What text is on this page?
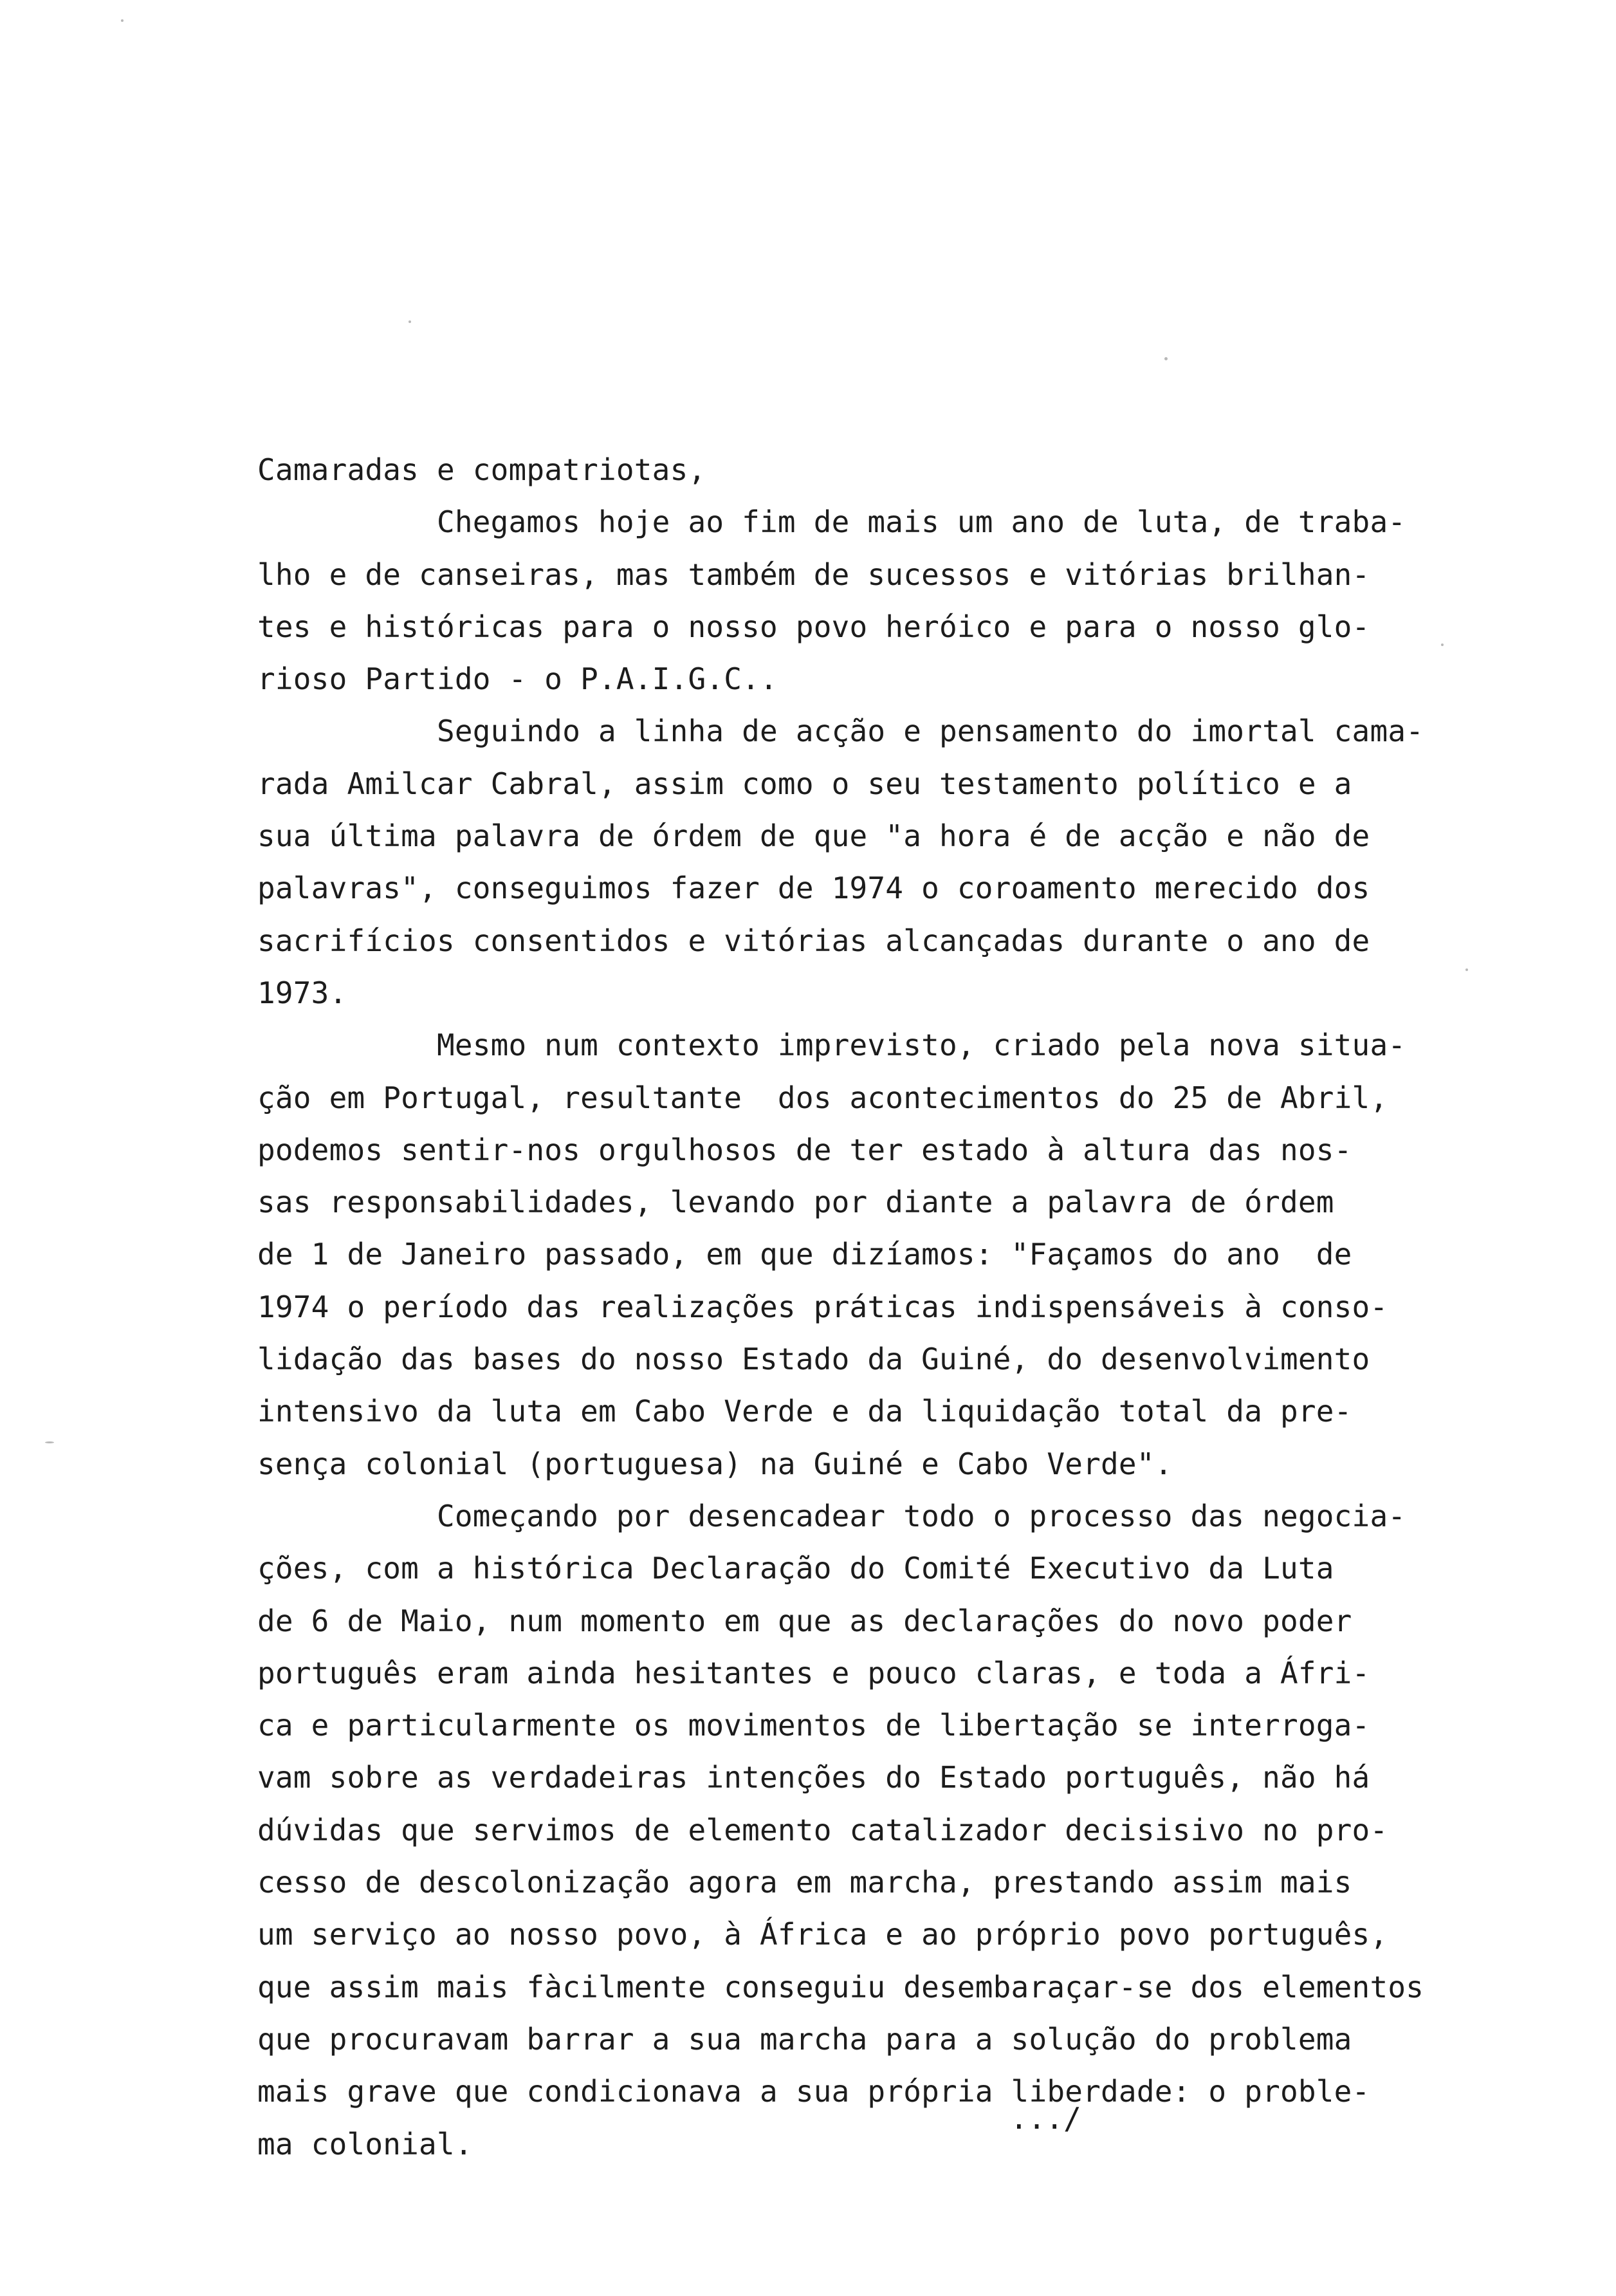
Camaradas e compatriotas,
Chegamos hoje ao fim de mais um ano de luta, de traba-
lho e de canseiras, mas também de sucessos e vitórias brilhan-
tes e históricas para o nosso povo heróico e para o nosso glo-
rioso Partido - o P.A.I.G.C..
Seguindo a linha de acção e pensamento do imortal cama-
rada Amilcar Cabral, assim como o seu testamento político e a
sua última palavra de órdem de que "a hora é de acção e não de
palavras", conseguimos fazer de 1974 o coroamento merecido dos
sacrifícios consentidos e vitórias alcançadas durante o ano de
1973.
Mesmo num contexto imprevisto, criado pela nova situa-
ção em Portugal, resultante  dos acontecimentos do 25 de Abril,
podemos sentir-nos orgulhosos de ter estado à altura das nos-
sas responsabilidades, levando por diante a palavra de órdem
de 1 de Janeiro passado, em que dizíamos: "Façamos do ano  de
1974 o período das realizações práticas indispensáveis à conso-
lidação das bases do nosso Estado da Guiné, do desenvolvimento
intensivo da luta em Cabo Verde e da liquidação total da pre-
sença colonial (portuguesa) na Guiné e Cabo Verde".
Começando por desencadear todo o processo das negocia-
ções, com a histórica Declaração do Comité Executivo da Luta
de 6 de Maio, num momento em que as declarações do novo poder
português eram ainda hesitantes e pouco claras, e toda a Áfri-
ca e particularmente os movimentos de libertação se interroga-
vam sobre as verdadeiras intenções do Estado português, não há
dúvidas que servimos de elemento catalizador decisisivo no pro-
cesso de descolonização agora em marcha, prestando assim mais
um serviço ao nosso povo, à África e ao próprio povo português,
que assim mais fàcilmente conseguiu desembaraçar-se dos elementos
que procuravam barrar a sua marcha para a solução do problema
mais grave que condicionava a sua própria liberdade: o proble-
ma colonial.
.../
